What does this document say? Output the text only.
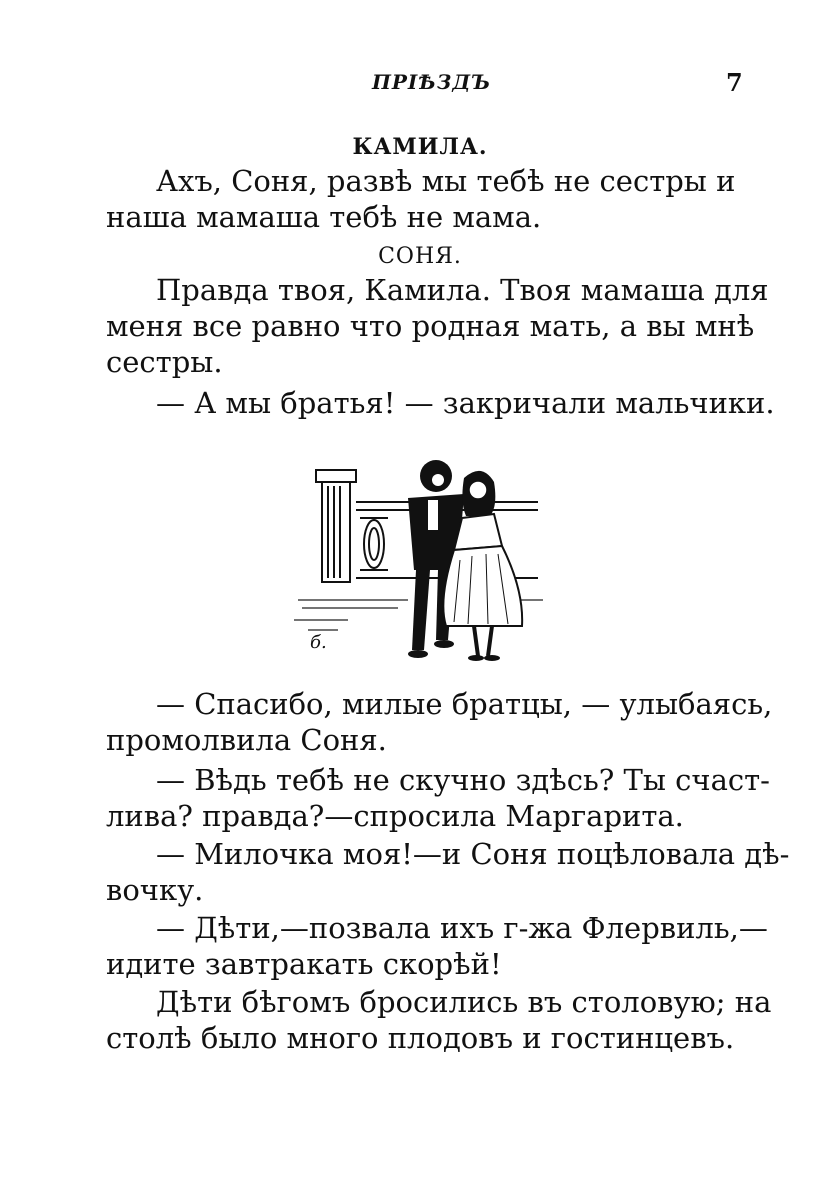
ПРІѢЗДЪ	7
КАМИЛА.
Ахъ, Соня, развѣ мы тебѣ не сестры и
наша мамаша тебѣ не мама.
СОНЯ.
Правда твоя, Камила. Твоя мамаша для
меня все равно что родная мать, а вы мнѣ
сестры.
— А мы братья! — закричали мальчики.
б.
— Спасибо, милые братцы, — улыбаясь,
промолвила Соня.
— Вѣдь тебѣ не скучно здѣсь? Ты счаст-
лива? правда?—спросила Маргарита.
— Милочка моя!—и Соня поцѣловала дѣ-
вочку.
— Дѣти,—позвала ихъ г-жа Флервиль,—
идите завтракать скорѣй!
Дѣти бѣгомъ бросились въ столовую; на
столѣ было много плодовъ и гостинцевъ.
